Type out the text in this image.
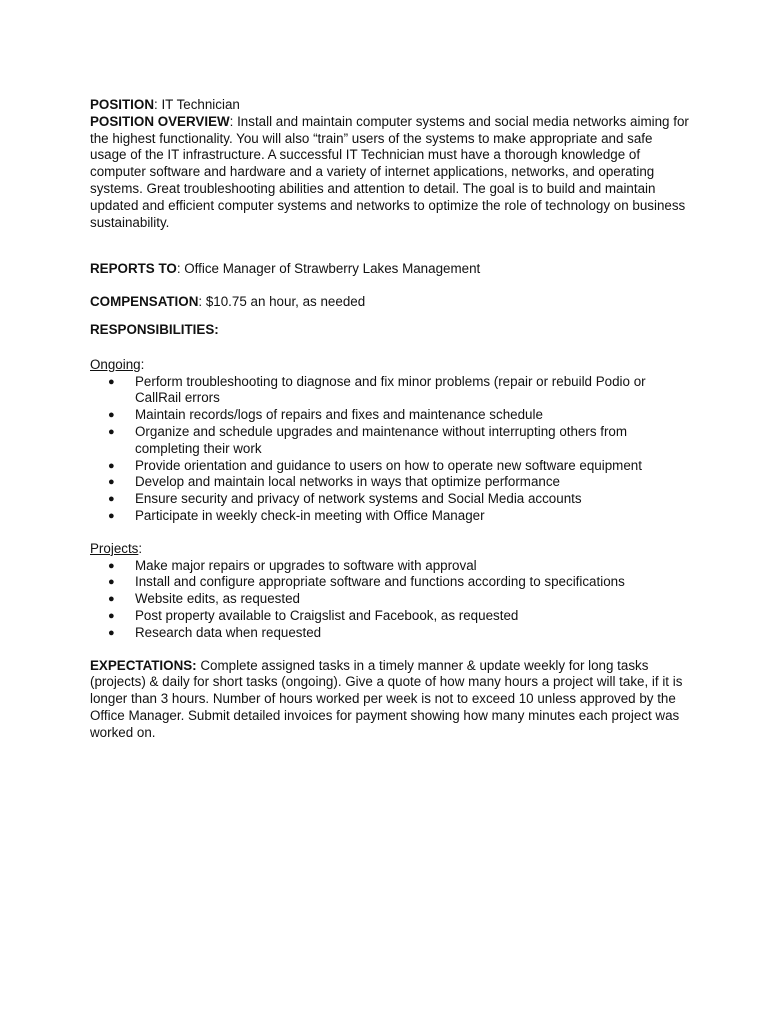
POSITION: IT Technician

POSITION OVERVIEW: Install and maintain computer systems and social media networks aiming for the highest functionality. You will also “train” users of the systems to make appropriate and safe usage of the IT infrastructure. A successful IT Technician must have a thorough knowledge of computer software and hardware and a variety of internet applications, networks, and operating systems. Great troubleshooting abilities and attention to detail. The goal is to build and maintain updated and efficient computer systems and networks to optimize the role of technology on business sustainability.

REPORTS TO: Office Manager of Strawberry Lakes Management

COMPENSATION: $10.75 an hour, as needed

RESPONSIBILITIES:

Ongoing:

● Perform troubleshooting to diagnose and fix minor problems (repair or rebuild Podio or CallRail errors
● Maintain records/logs of repairs and fixes and maintenance schedule
● Organize and schedule upgrades and maintenance without interrupting others from completing their work
● Provide orientation and guidance to users on how to operate new software equipment
● Develop and maintain local networks in ways that optimize performance
● Ensure security and privacy of network systems and Social Media accounts
● Participate in weekly check-in meeting with Office Manager

Projects:

● Make major repairs or upgrades to software with approval
● Install and configure appropriate software and functions according to specifications
● Website edits, as requested
● Post property available to Craigslist and Facebook, as requested
● Research data when requested

EXPECTATIONS: Complete assigned tasks in a timely manner & update weekly for long tasks (projects) & daily for short tasks (ongoing). Give a quote of how many hours a project will take, if it is longer than 3 hours. Number of hours worked per week is not to exceed 10 unless approved by the Office Manager. Submit detailed invoices for payment showing how many minutes each project was worked on.
